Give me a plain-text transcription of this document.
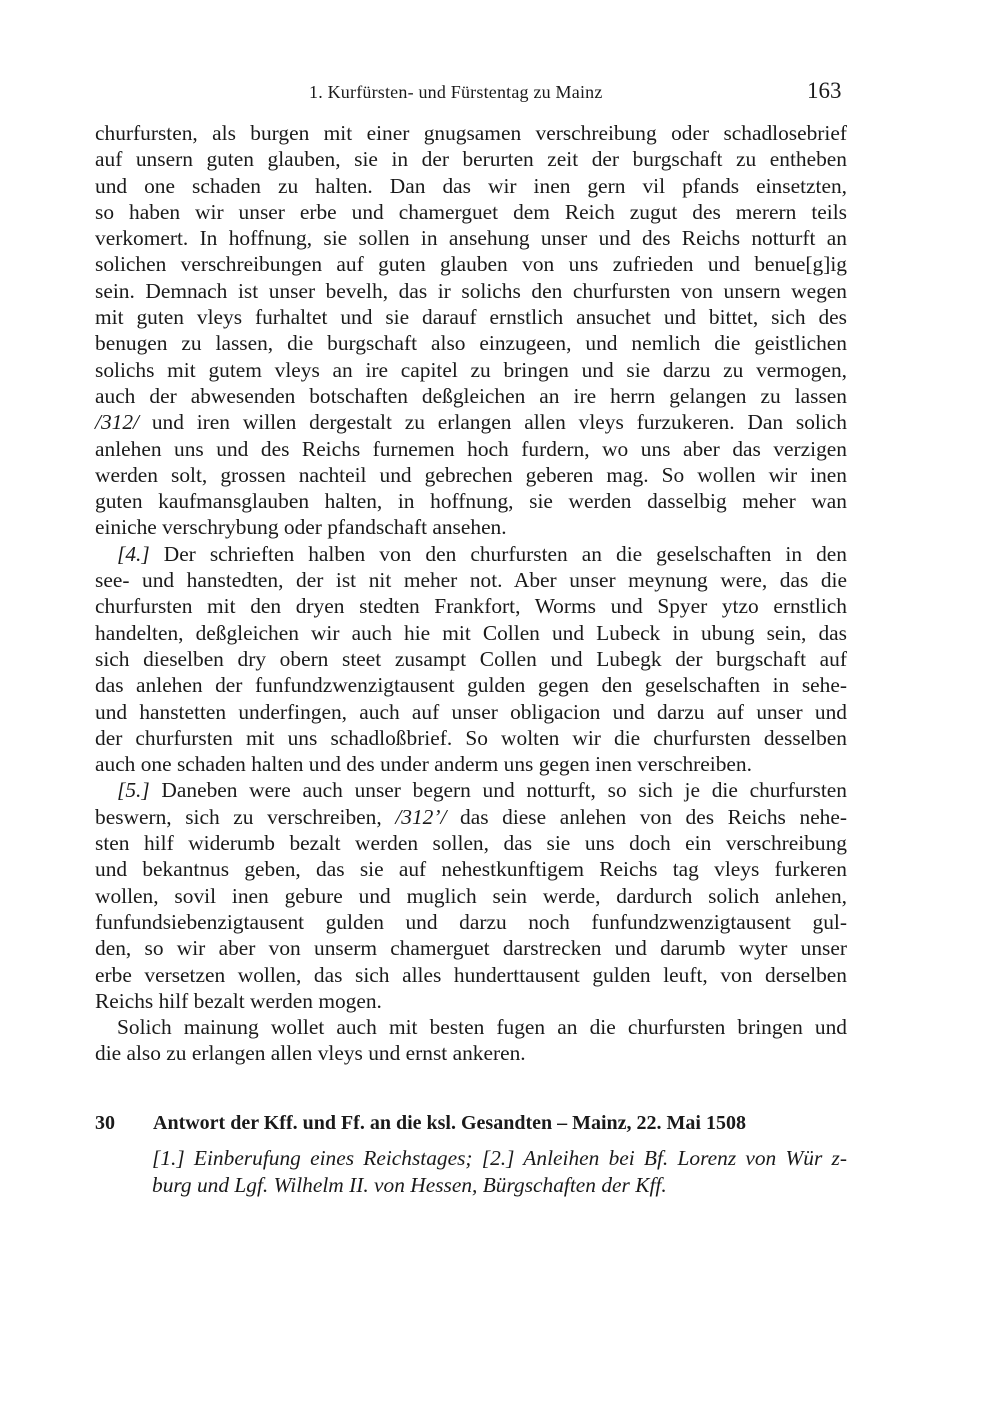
1. Kurfürsten- und Fürstentag zu Mainz	163
churfursten, als burgen mit einer gnugsamen verschreibung oder schadlosebrief
auf unsern guten glauben, sie in der berurten zeit der burgschaft zu entheben
und one schaden zu halten. Dan das wir inen gern vil pfands einsetzten,
so haben wir unser erbe und chamerguet dem Reich zugut des merern teils
verkomert. In hoffnung, sie sollen in ansehung unser und des Reichs notturft an
solichen verschreibungen auf guten glauben von uns zufrieden und benue[g]ig
sein. Demnach ist unser bevelh, das ir solichs den churfursten von unsern wegen
mit guten vleys furhaltet und sie darauf ernstlich ansuchet und bittet, sich des
benugen zu lassen, die burgschaft also einzugeen, und nemlich die geistlichen
solichs mit gutem vleys an ire capitel zu bringen und sie darzu zu vermogen,
auch der abwesenden botschaften deßgleichen an ire herrn gelangen zu lassen
/312/ und iren willen dergestalt zu erlangen allen vleys furzukeren. Dan solich
anlehen uns und des Reichs furnemen hoch furdern, wo uns aber das verzigen
werden solt, grossen nachteil und gebrechen geberen mag. So wollen wir inen
guten kaufmansglauben halten, in hoffnung, sie werden dasselbig meher wan
einiche verschrybung oder pfandschaft ansehen.
[4.] Der schrieften halben von den churfursten an die geselschaften in den
see- und hanstedten, der ist nit meher not. Aber unser meynung were, das die
churfursten mit den dryen stedten Frankfort, Worms und Spyer ytzo ernstlich
handelten, deßgleichen wir auch hie mit Collen und Lubeck in ubung sein, das
sich dieselben dry obern steet zusampt Collen und Lubegk der burgschaft auf
das anlehen der funfundzwenzigtausent gulden gegen den geselschaften in sehe-
und hanstetten underfingen, auch auf unser obligacion und darzu auf unser und
der churfursten mit uns schadloßbrief. So wolten wir die churfursten desselben
auch one schaden halten und des under anderm uns gegen inen verschreiben.
[5.] Daneben were auch unser begern und notturft, so sich je die churfursten
beswern, sich zu verschreiben, /312’/ das diese anlehen von des Reichs nehe-
sten hilf widerumb bezalt werden sollen, das sie uns doch ein verschreibung
und bekantnus geben, das sie auf nehestkunftigem Reichs tag vleys furkeren
wollen, sovil inen gebure und muglich sein werde, dardurch solich anlehen,
funfundsiebenzigtausent gulden und darzu noch funfundzwenzigtausent gul-
den, so wir aber von unserm chamerguet darstrecken und darumb wyter unser
erbe versetzen wollen, das sich alles hunderttausent gulden leuft, von derselben
Reichs hilf bezalt werden mogen.
Solich mainung wollet auch mit besten fugen an die churfursten bringen und
die also zu erlangen allen vleys und ernst ankeren.
30 Antwort der Kff. und Ff. an die ksl. Gesandten – Mainz, 22. Mai 1508
[1.] Einberufung eines Reichstages; [2.] Anleihen bei Bf. Lorenz von Wür z-
burg und Lgf. Wilhelm II. von Hessen, Bürgschaften der Kff.
